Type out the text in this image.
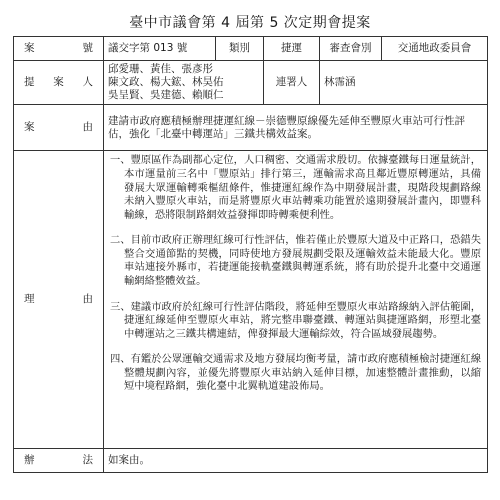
臺中市議會第 4 屆第 5 次定期會提案
案號	議交字第 013 號	類別	捷運	審查會別	交通地政委員會
提案人	邱愛珊、黃佳、張彥彤
陳文政、楊大鋐、林昊佑
吳呈賢、吳建德、賴順仁		連署人	林霈涵	
案由	建請市政府應積極辦理捷運紅線－崇德豐原線優先延伸至豐原火車站可行性評估，強化「北臺中轉運站」三鐵共構效益案。				
理由	一、豐原區作為副都心定位，人口稠密、交通需求殷切。依據臺鐵每日運量統計，本市運量前三名中「豐原站」排行第三，運輸需求高且鄰近豐原轉運站，具備發展大眾運輸轉乘樞紐條件，惟捷運紅線作為中期發展計畫，現階段規劃路線未納入豐原火車站，而是將豐原火車站轉乘功能置於遠期發展計畫內，即豐科輸線，恐將限制路網效益發揮即時轉乘便利性。

二、目前市政府正辦理紅線可行性評估，惟若僅止於豐原大道及中正路口，恐錯失整合交通節點的契機，同時使地方發展規劃受限及運輸效益未能最大化。豐原車站連接外縣市，若捷運能接軌臺鐵與轉運系統，將有助於提升北臺中交通運輸網絡整體效益。

三、建議市政府於紅線可行性評估階段，將延伸至豐原火車站路線納入評估範圍，捷運紅線延伸至豐原火車站，將完整串聯臺鐵、轉運站與捷運路網，形塑北臺中轉運站之三鐵共構連結，俾發揮最大運輸綜效，符合區域發展趨勢。

四、有鑑於公眾運輸交通需求及地方發展均衡考量，請市政府應積極檢討捷運紅線整體規劃內容，並優先將豐原火車站納入延伸目標，加速整體計畫推動，以縮短中境程路網，強化臺中北翼軌道建設佈局。				

辦法	如案由。				
